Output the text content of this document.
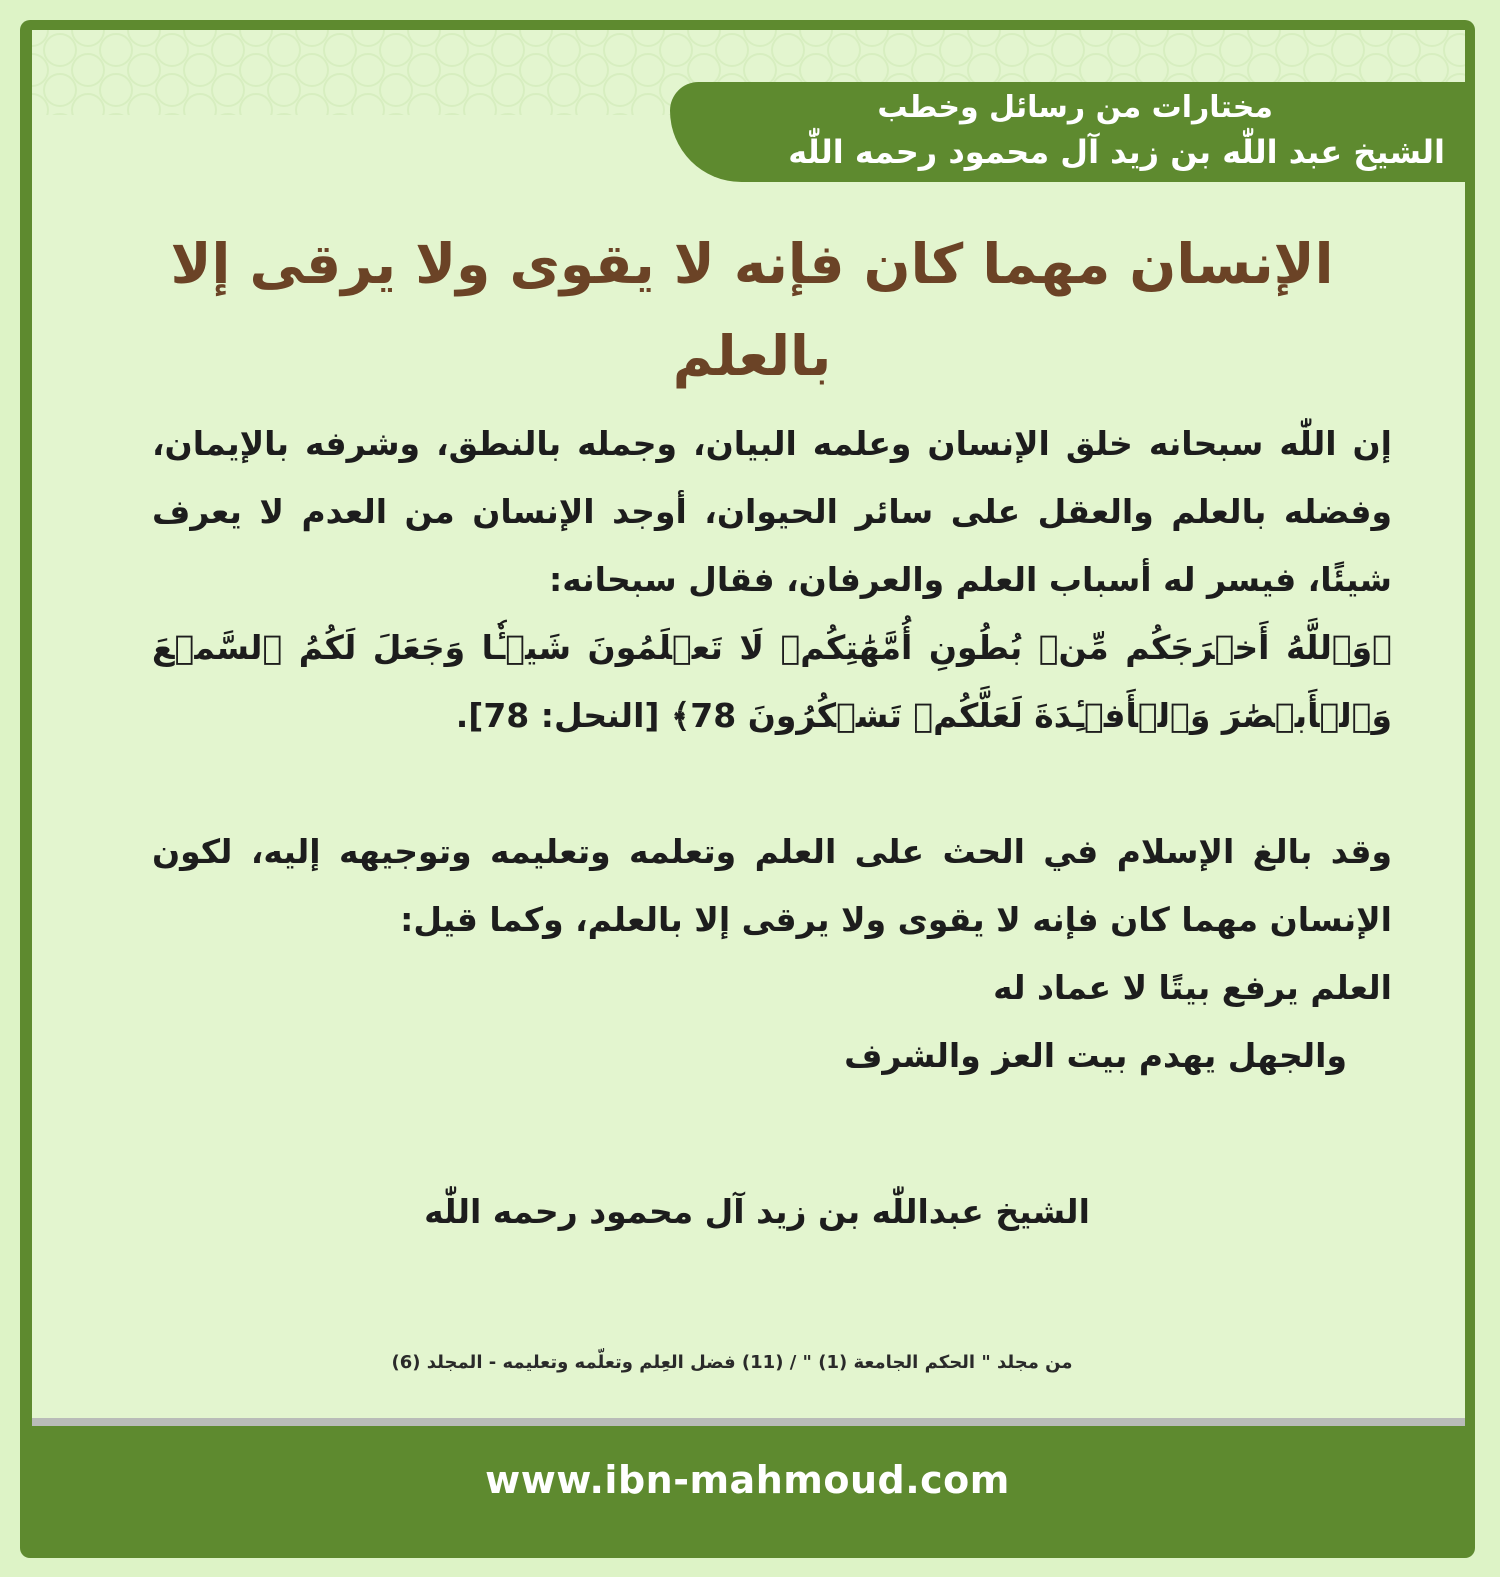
مختارات من رسائل وخطب
الشيخ عبد اللّٰه بن زيد آل محمود رحمه اللّٰه
الإنسان مهما كان فإنه لا يقوى ولا يرقى إلا بالعلم

إن اللّٰه سبحانه خلق الإنسان وعلمه البيان، وجمله بالنطق، وشرفه بالإيمان، وفضله بالعلم والعقل على سائر الحيوان، أوجد الإنسان من العدم لا يعرف شيئًا، فيسر له أسباب العلم والعرفان، فقال سبحانه:

﴿وَٱللَّهُ أَخۡرَجَكُم مِّنۢ بُطُونِ أُمَّهَٰتِكُمۡ لَا تَعۡلَمُونَ شَيۡـٔٗا وَجَعَلَ لَكُمُ ٱلسَّمۡعَ وَٱلۡأَبۡصَٰرَ وَٱلۡأَفۡـِٔدَةَ لَعَلَّكُمۡ تَشۡكُرُونَ 78﴾ [النحل: 78].

وقد بالغ الإسلام في الحث على العلم وتعلمه وتعليمه وتوجيهه إليه، لكون الإنسان مهما كان فإنه لا يقوى ولا يرقى إلا بالعلم، وكما قيل:

العلم يرفع بيتًا لا عماد له
والجهل يهدم بيت العز والشرف
الشيخ عبداللّٰه بن زيد آل محمود رحمه اللّٰه
من مجلد " الحكم الجامعة (1) " / (11) فضل العِلم وتعلّمه وتعليمه - المجلد (6)
www.ibn-mahmoud.com
